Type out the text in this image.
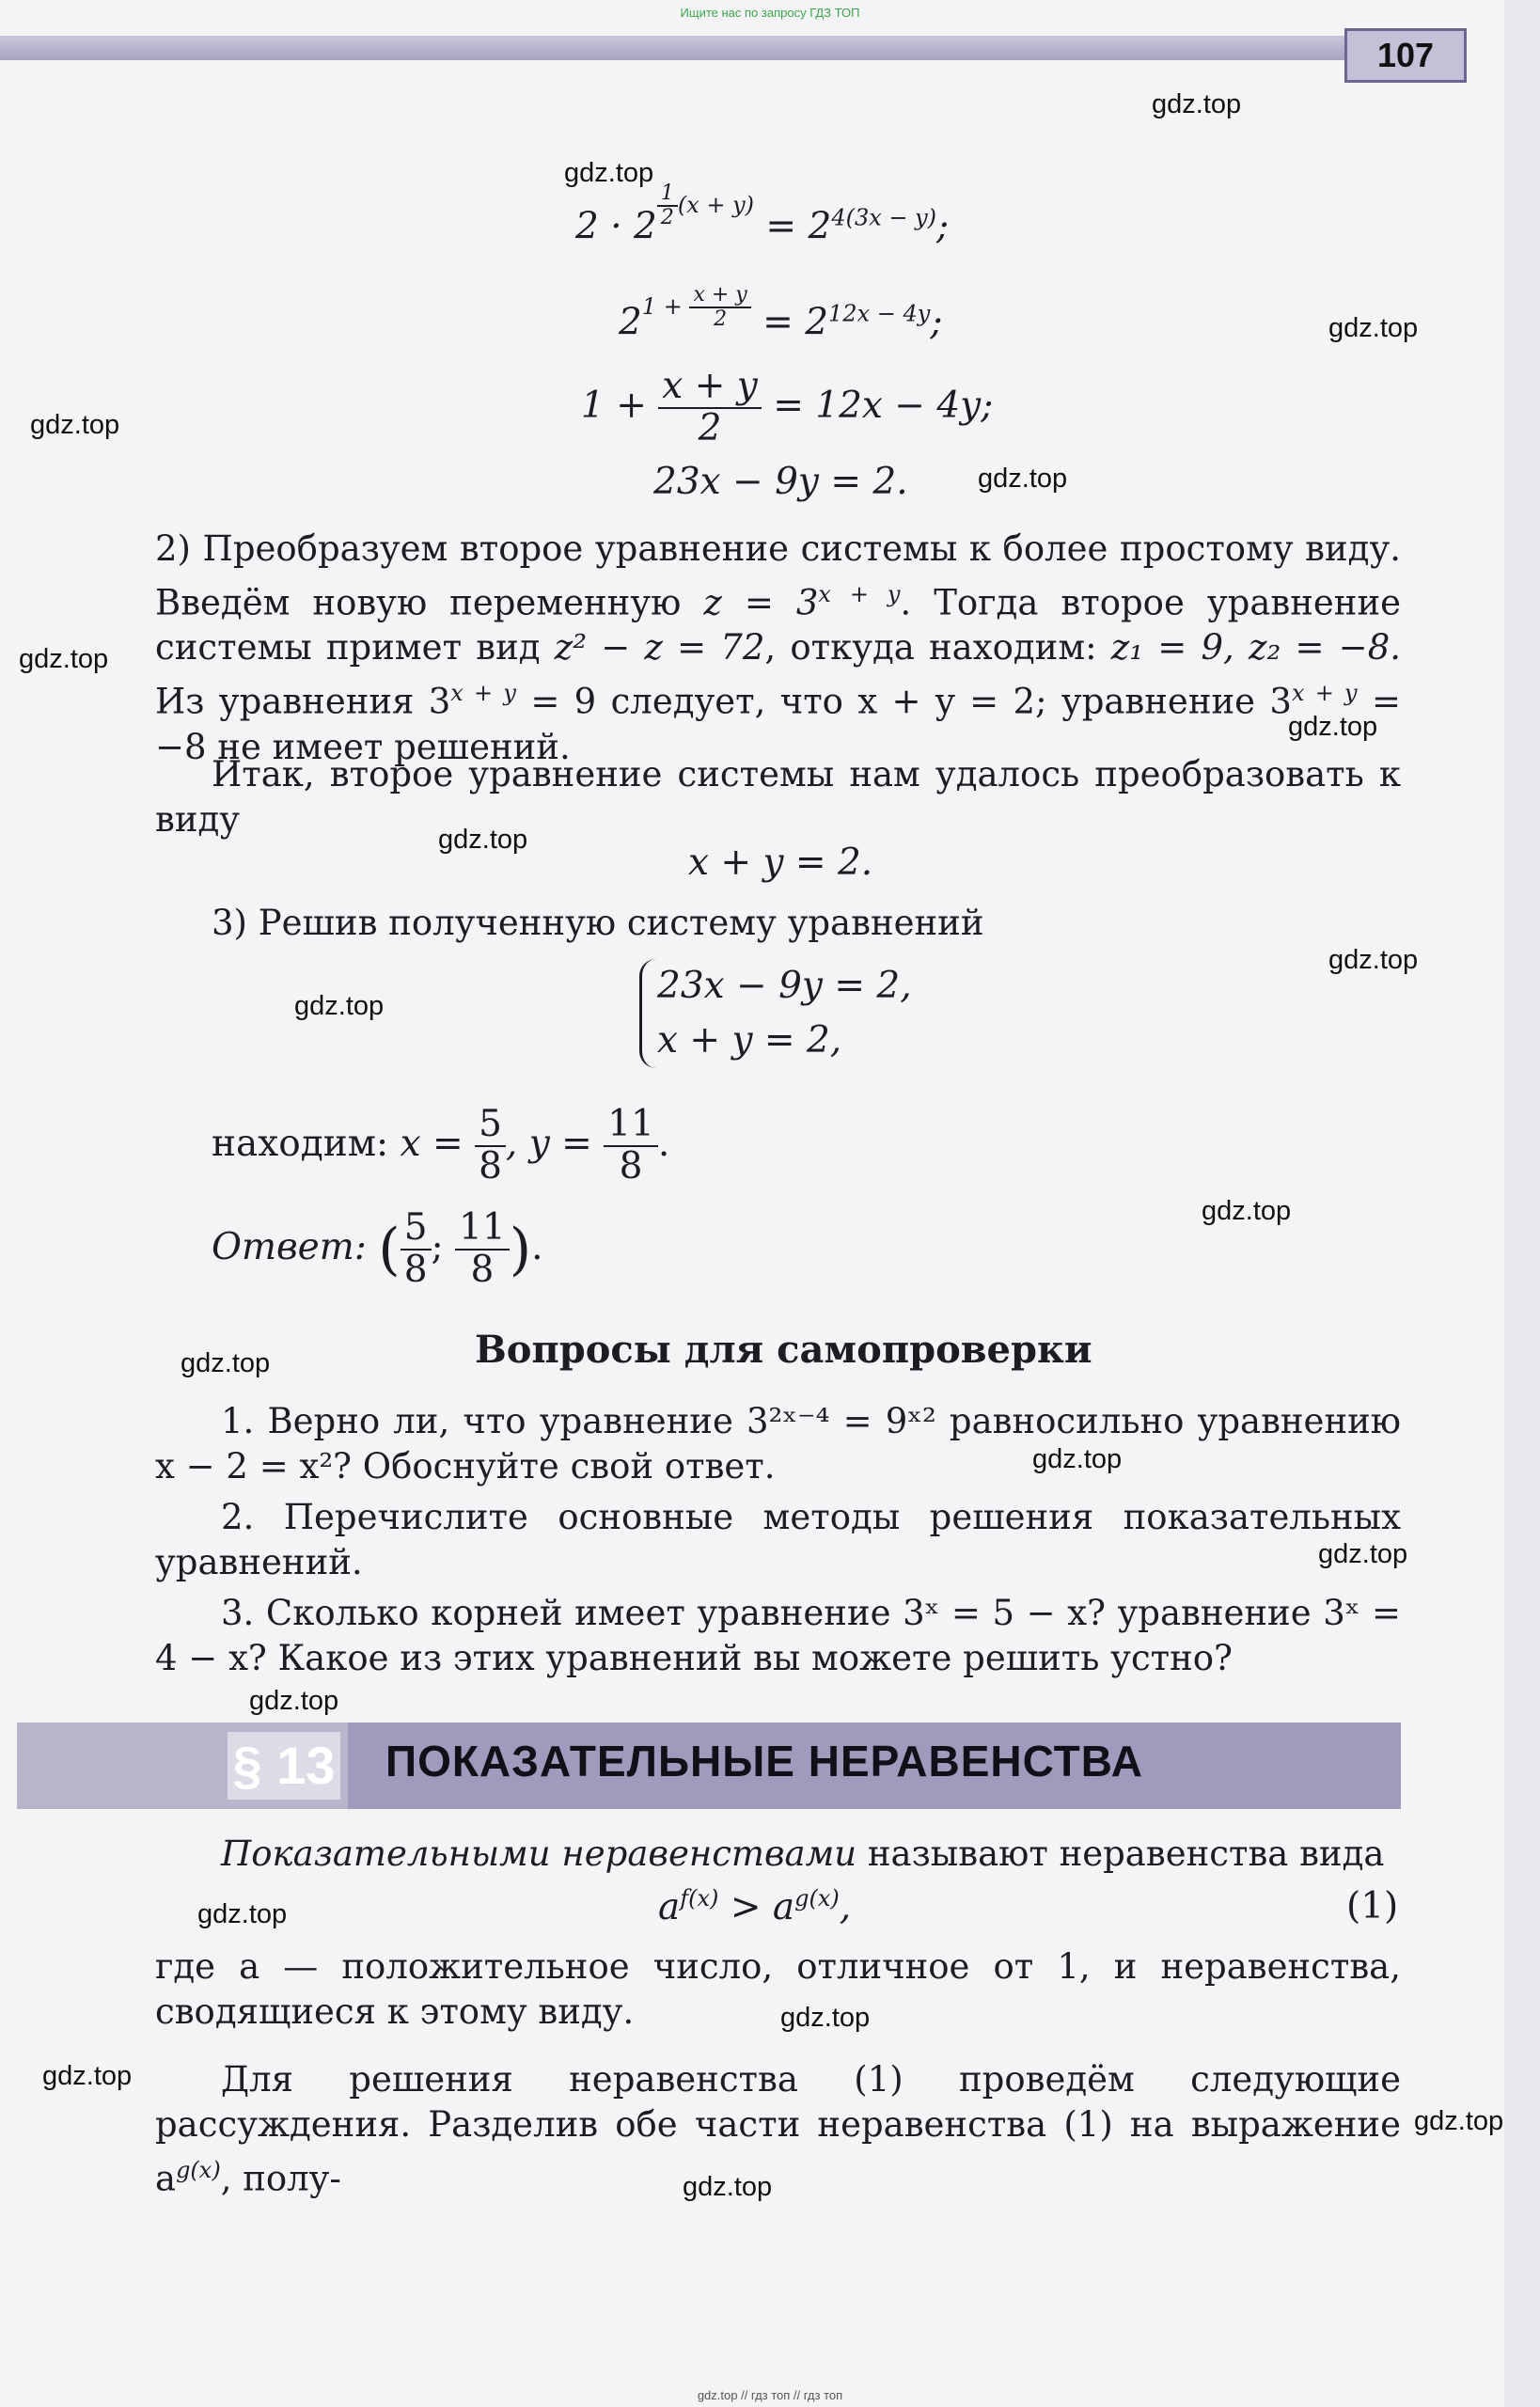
Ищите нас по запросу ГДЗ ТОП
107
gdz.top
gdz.top
gdz.top
gdz.top
gdz.top
gdz.top
gdz.top
gdz.top
gdz.top
gdz.top
gdz.top
gdz.top
gdz.top
gdz.top
gdz.top
gdz.top
gdz.top
gdz.top
gdz.top
gdz.top
2 · 2 $^{\frac{1}{2} (x + y)} = 2^{4(3x - y)}$;
$2^{1 + \frac{x + y}{2}} = 2^{12x - 4y}$;
$1 + \frac{x + y}{2} = 12x - 4y$;
23x − 9y = 2.
2) Преобразуем второе уравнение системы к более простому виду. Введём новую переменную $z = 3^{x + y}$. Тогда второе уравнение системы примет вид z² − z = 72, откуда находим: z₁ = 9, z₂ = −8. Из уравнения $3^{x + y} = 9$ следует, что x + y = 2; уравнение $3^{x + y} = -8$ не имеет решений.
Итак, второе уравнение системы нам удалось преобразовать к виду
x + y = 2.
3) Решив полученную систему уравнений
23x − 9y = 2,
x + y = 2,
находим: $x = \frac{5}{8}$ , $y = \frac{11}{8}$ .
Ответ: ( $\frac{5}{8}$ ; $\frac{11}{8}$ ).
Вопросы для самопроверки
1. Верно ли, что уравнение 3²ˣ⁻⁴ = 9ˣ² равносильно уравнению x − 2 = x²? Обоснуйте свой ответ.
2. Перечислите основные методы решения показательных уравнений.
3. Сколько корней имеет уравнение 3ˣ = 5 − x? уравнение 3ˣ = 4 − x? Какое из этих уравнений вы можете решить устно?
§ 13 ПОКАЗАТЕЛЬНЫЕ НЕРАВЕНСТВА
Показательными неравенствами называют неравенства вида
$a^{f(x)} > a^{g(x)}$,	(1)
где a — положительное число, отличное от 1, и неравенства, сводящиеся к этому виду.
Для решения неравенства (1) проведём следующие рассуждения. Разделив обе части неравенства (1) на выражение $a^{g(x)}$, полу-
gdz.top // гдз топ // гдз топ
